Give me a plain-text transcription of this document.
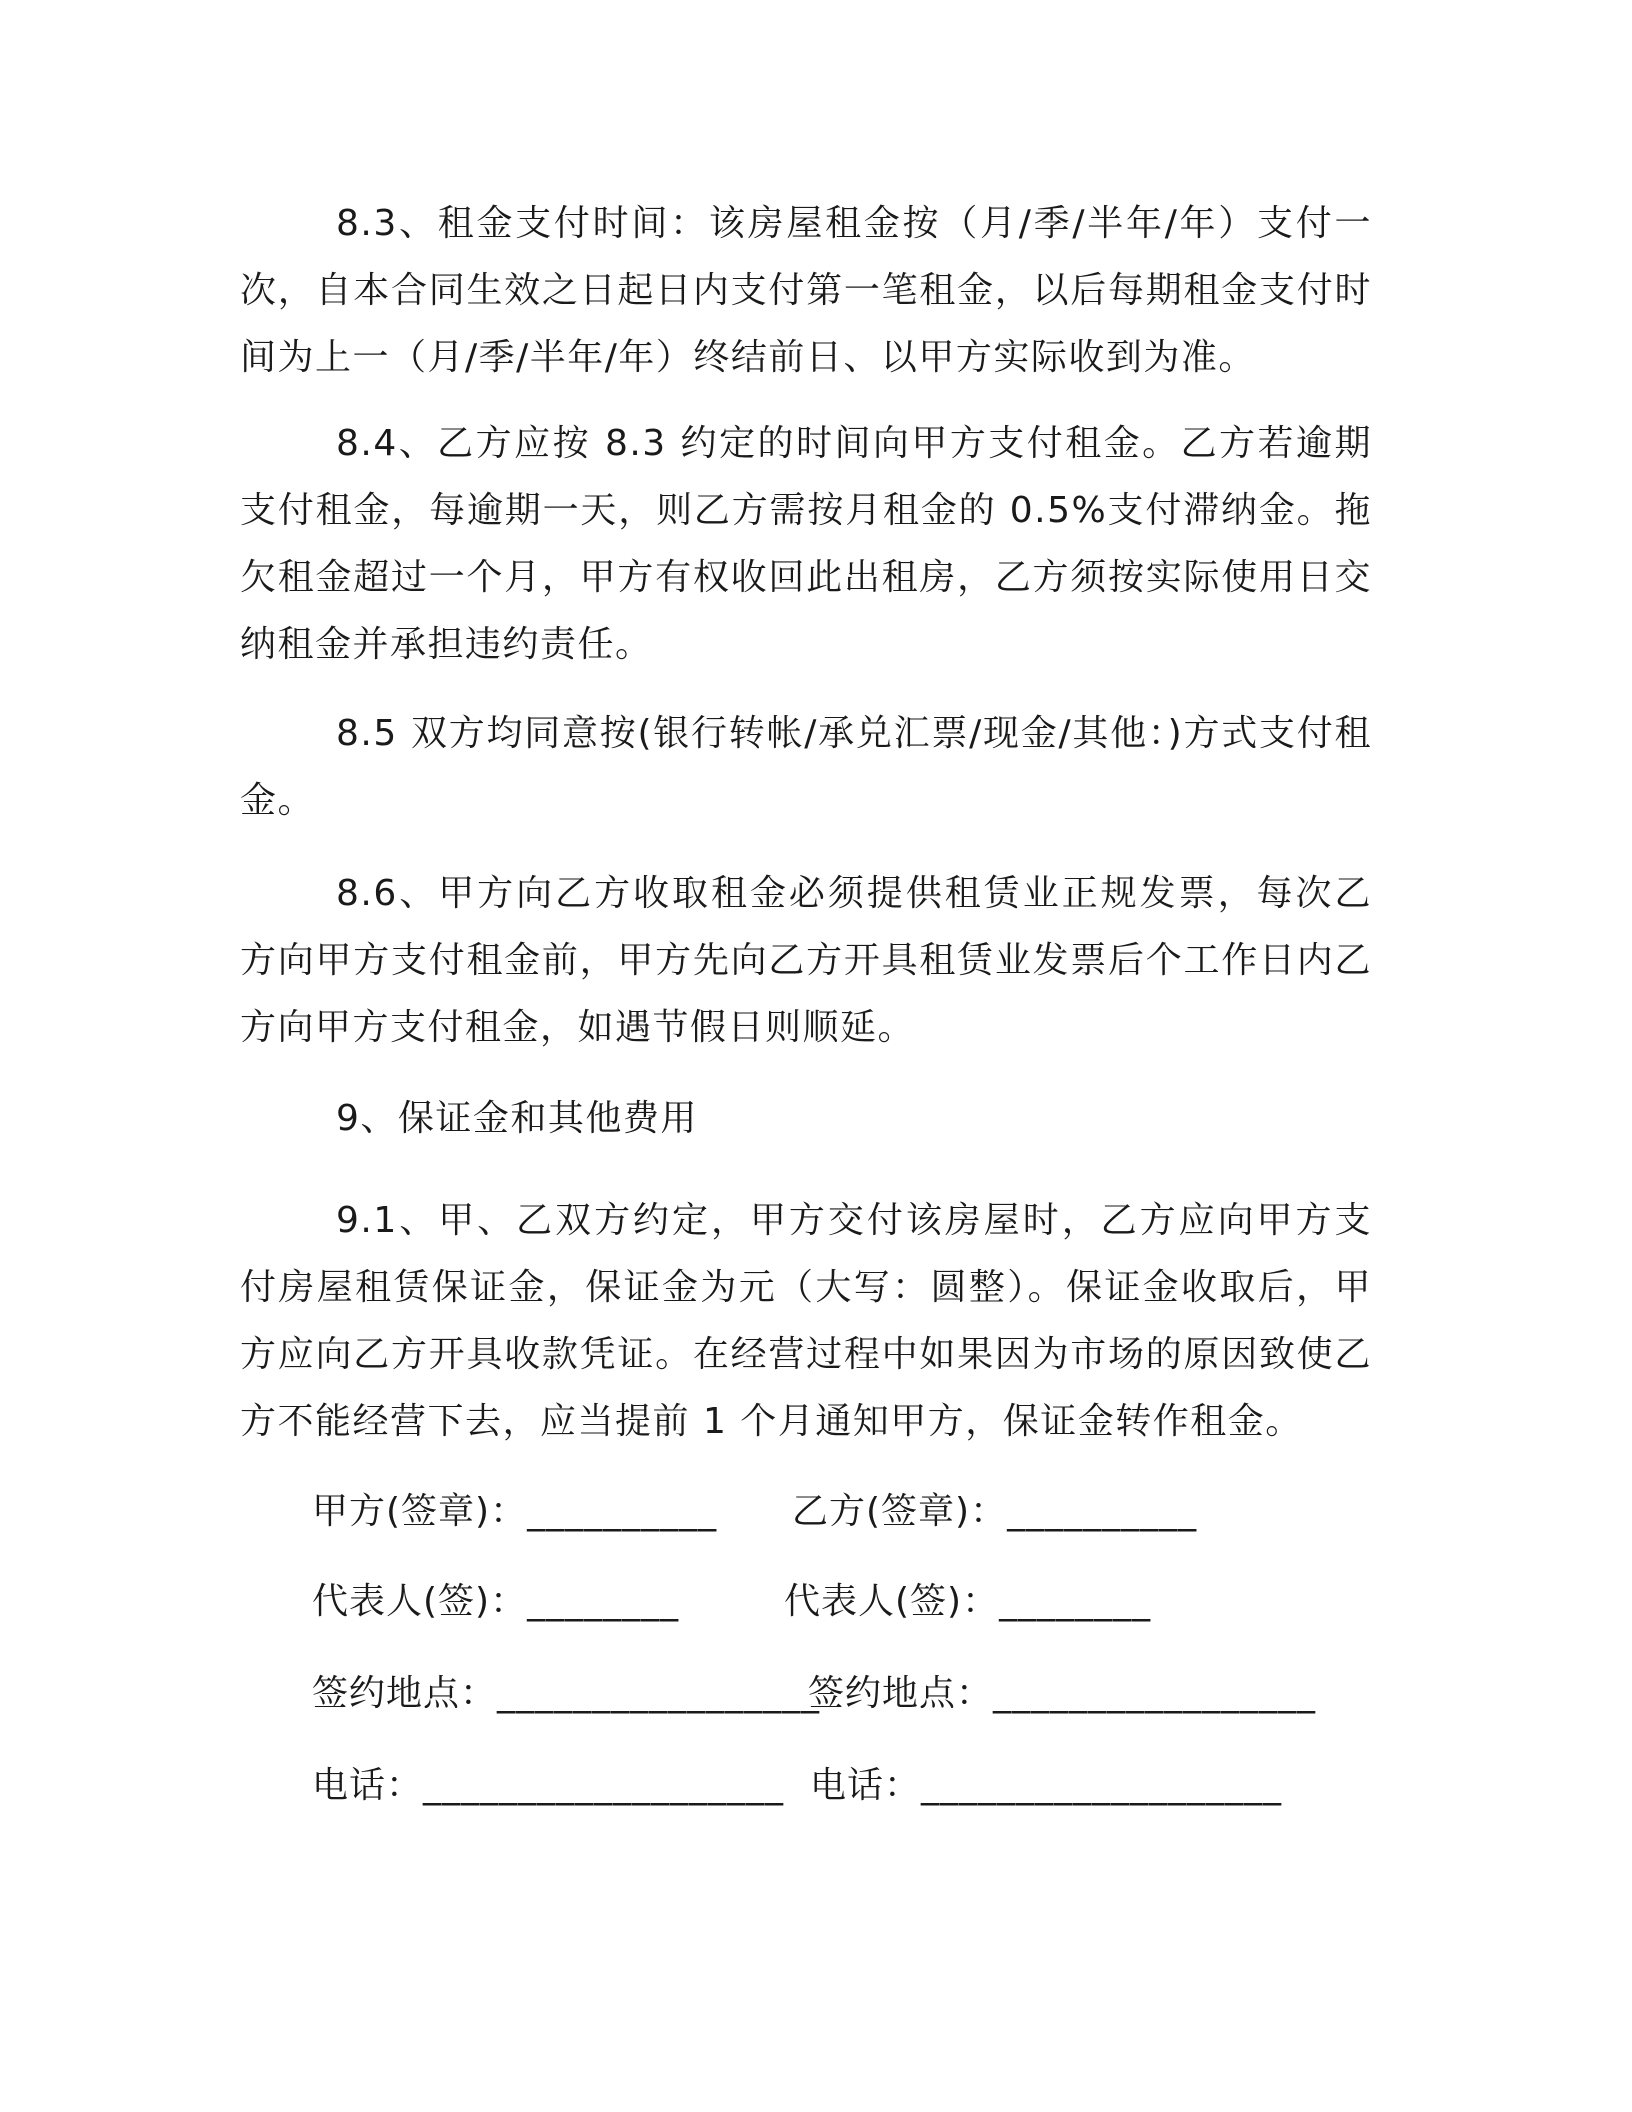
8.3、租金支付时间：该房屋租金按（月/季/半年/年）支付一次，自本合同生效之日起日内支付第一笔租金，以后每期租金支付时间为上一（月/季/半年/年）终结前日、以甲方实际收到为准。

8.4、乙方应按 8.3 约定的时间向甲方支付租金。乙方若逾期支付租金，每逾期一天，则乙方需按月租金的 0.5%支付滞纳金。拖欠租金超过一个月，甲方有权收回此出租房，乙方须按实际使用日交纳租金并承担违约责任。

8.5 双方均同意按(银行转帐/承兑汇票/现金/其他：)方式支付租金。

8.6、甲方向乙方收取租金必须提供租赁业正规发票，每次乙方向甲方支付租金前，甲方先向乙方开具租赁业发票后个工作日内乙方向甲方支付租金，如遇节假日则顺延。

9、保证金和其他费用

9.1、甲、乙双方约定，甲方交付该房屋时，乙方应向甲方支付房屋租赁保证金，保证金为元（大写：圆整）。保证金收取后，甲方应向乙方开具收款凭证。在经营过程中如果因为市场的原因致使乙方不能经营下去，应当提前 1 个月通知甲方，保证金转作租金。

甲方(签章)：__________ 乙方(签章)：__________
代表人(签)：________	代表人(签)：________
签约地点：_________________
签约地点：_________________
电话：___________________ 电话：___________________
